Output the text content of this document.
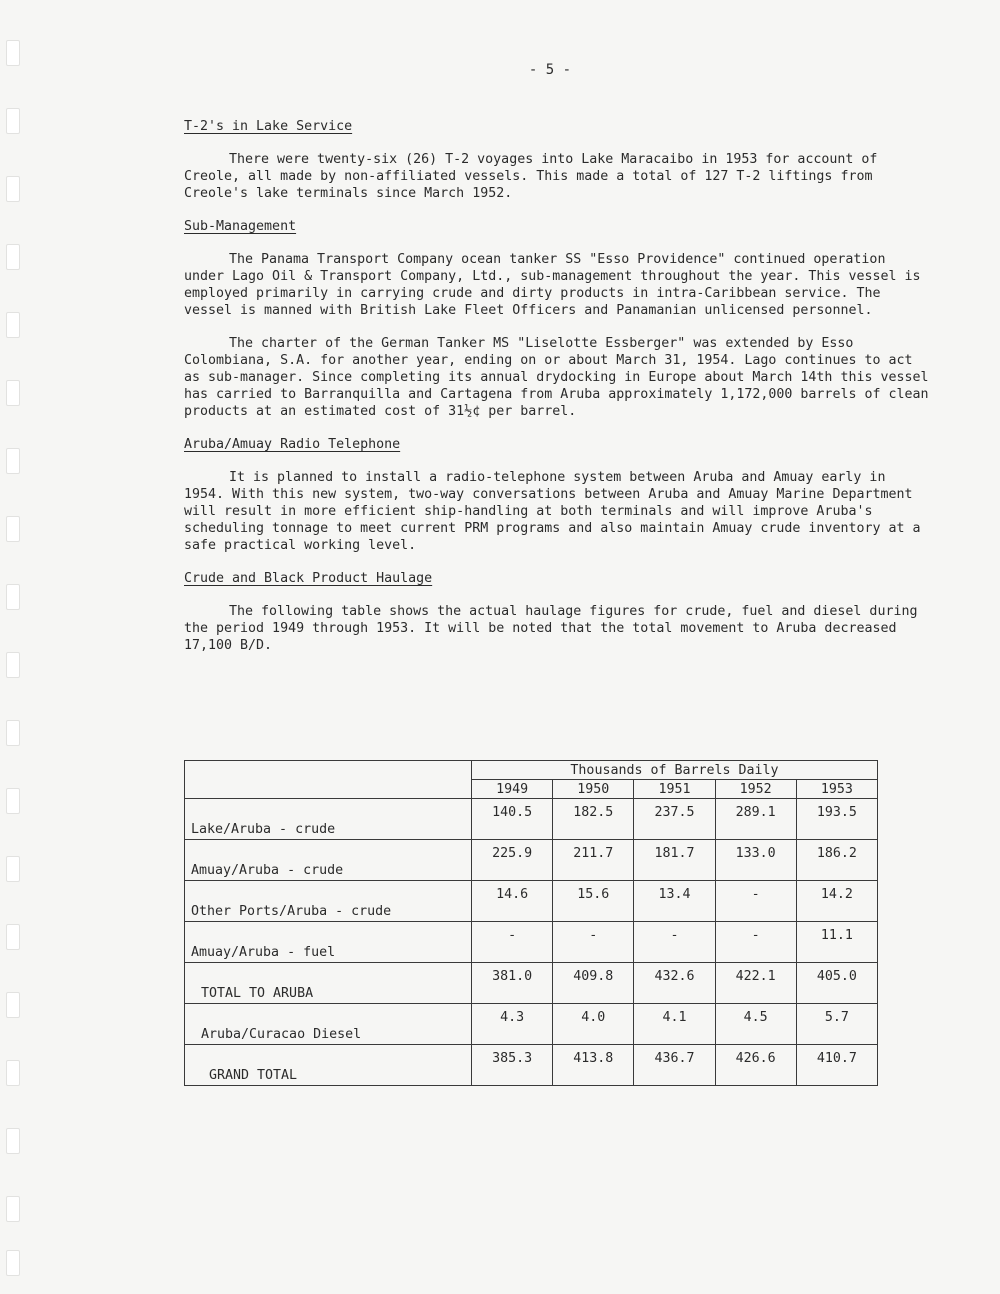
- 5 -
T-2's in Lake Service

There were twenty-six (26) T-2 voyages into Lake Maracaibo in 1953 for account of Creole, all made by non-affiliated vessels. This made a total of 127 T-2 liftings from Creole's lake terminals since March 1952.

Sub-Management

The Panama Transport Company ocean tanker SS "Esso Providence" continued operation under Lago Oil & Transport Company, Ltd., sub-management throughout the year. This vessel is employed primarily in carrying crude and dirty products in intra-Caribbean service. The vessel is manned with British Lake Fleet Officers and Panamanian unlicensed personnel.

The charter of the German Tanker MS "Liselotte Essberger" was extended by Esso Colombiana, S.A. for another year, ending on or about March 31, 1954. Lago continues to act as sub-manager. Since completing its annual drydocking in Europe about March 14th this vessel has carried to Barranquilla and Cartagena from Aruba approximately 1,172,000 barrels of clean products at an estimated cost of 31½¢ per barrel.

Aruba/Amuay Radio Telephone

It is planned to install a radio-telephone system between Aruba and Amuay early in 1954. With this new system, two-way conversations between Aruba and Amuay Marine Department will result in more efficient ship-handling at both terminals and will improve Aruba's scheduling tonnage to meet current PRM programs and also maintain Amuay crude inventory at a safe practical working level.

Crude and Black Product Haulage

The following table shows the actual haulage figures for crude, fuel and diesel during the period 1949 through 1953. It will be noted that the total movement to Aruba decreased 17,100 B/D.

	Thousands of Barrels Daily				
	1949	1950	1951	1952	1953
Lake/Aruba - crude	140.5	182.5	237.5	289.1	193.5
Amuay/Aruba - crude	225.9	211.7	181.7	133.0	186.2
Other Ports/Aruba - crude	14.6	15.6	13.4	-	14.2
Amuay/Aruba - fuel	-	-	-	-	11.1
TOTAL TO ARUBA	381.0	409.8	432.6	422.1	405.0
Aruba/Curacao Diesel	4.3	4.0	4.1	4.5	5.7
GRAND TOTAL	385.3	413.8	436.7	426.6	410.7
